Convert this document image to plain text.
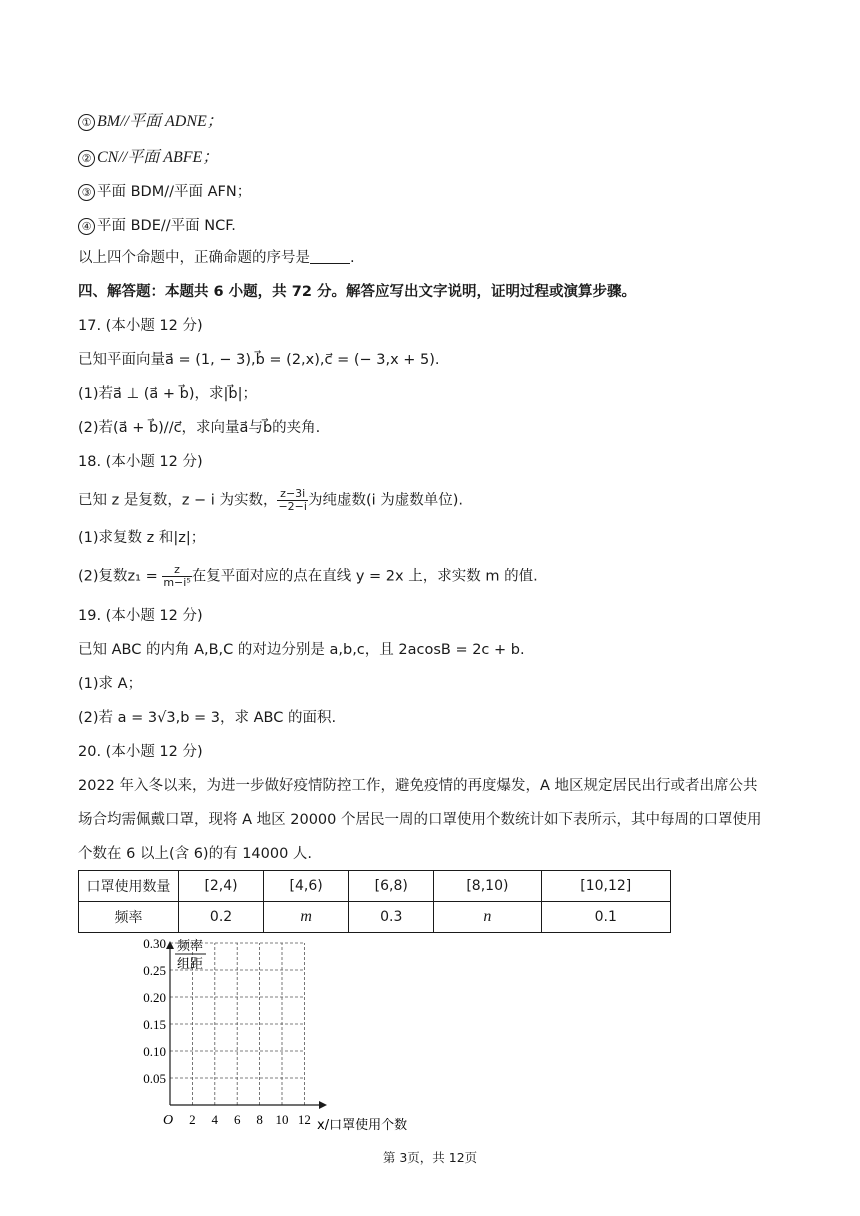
① BM//平面 ADNE；
② CN//平面 ABFE；
③ 平面 BDM//平面 AFN；
④ 平面 BDE//平面 NCF.
以上四个命题中，正确命题的序号是	.
四、解答题：本题共 6 小题，共 72 分。解答应写出文字说明，证明过程或演算步骤。
17. (本小题 12 分)
已知平面向量a⃗ = (1, − 3),b⃗ = (2,x),c⃗ = (− 3,x + 5).
(1)若a⃗ ⊥ (a⃗ + b⃗)，求|b⃗|；
(2)若(a⃗ + b⃗)//c⃗，求向量a⃗与b⃗的夹角.
18. (本小题 12 分)
已知 z 是复数，z − i 为实数， $\frac{z-3i}{-2-i}$ 为纯虚数(i 为虚数单位).
(1)求复数 z 和|z|；
(2)复数$z_1 = \frac{z}{\text{m−i⁵}}$ 在复平面对应的点在直线 y = 2x 上，求实数 m 的值.
19. (本小题 12 分)
已知 ABC 的内角 A,B,C 的对边分别是 a,b,c，且 2acosB = 2c + b.
(1)求 A；
(2)若 a = 3√3,b = 3，求 ABC 的面积.
20. (本小题 12 分)
2022 年入冬以来，为进一步做好疫情防控工作，避免疫情的再度爆发，A 地区规定居民出行或者出席公共
场合均需佩戴口罩，现将 A 地区 20000 个居民一周的口罩使用个数统计如下表所示，其中每周的口罩使用
个数在 6 以上(含 6)的有 14000 人.
口罩使用数量	[2,4)	[4,6)	[6,8)	[8,10)	[10,12]
频率	0.2	m	0.3	n	0.1
2 4 6 8 10 12
0.05
0.10
0.15
0.20
0.25
0.30 频率
组距
x/口罩使用个数
O
第 3页，共 12页
